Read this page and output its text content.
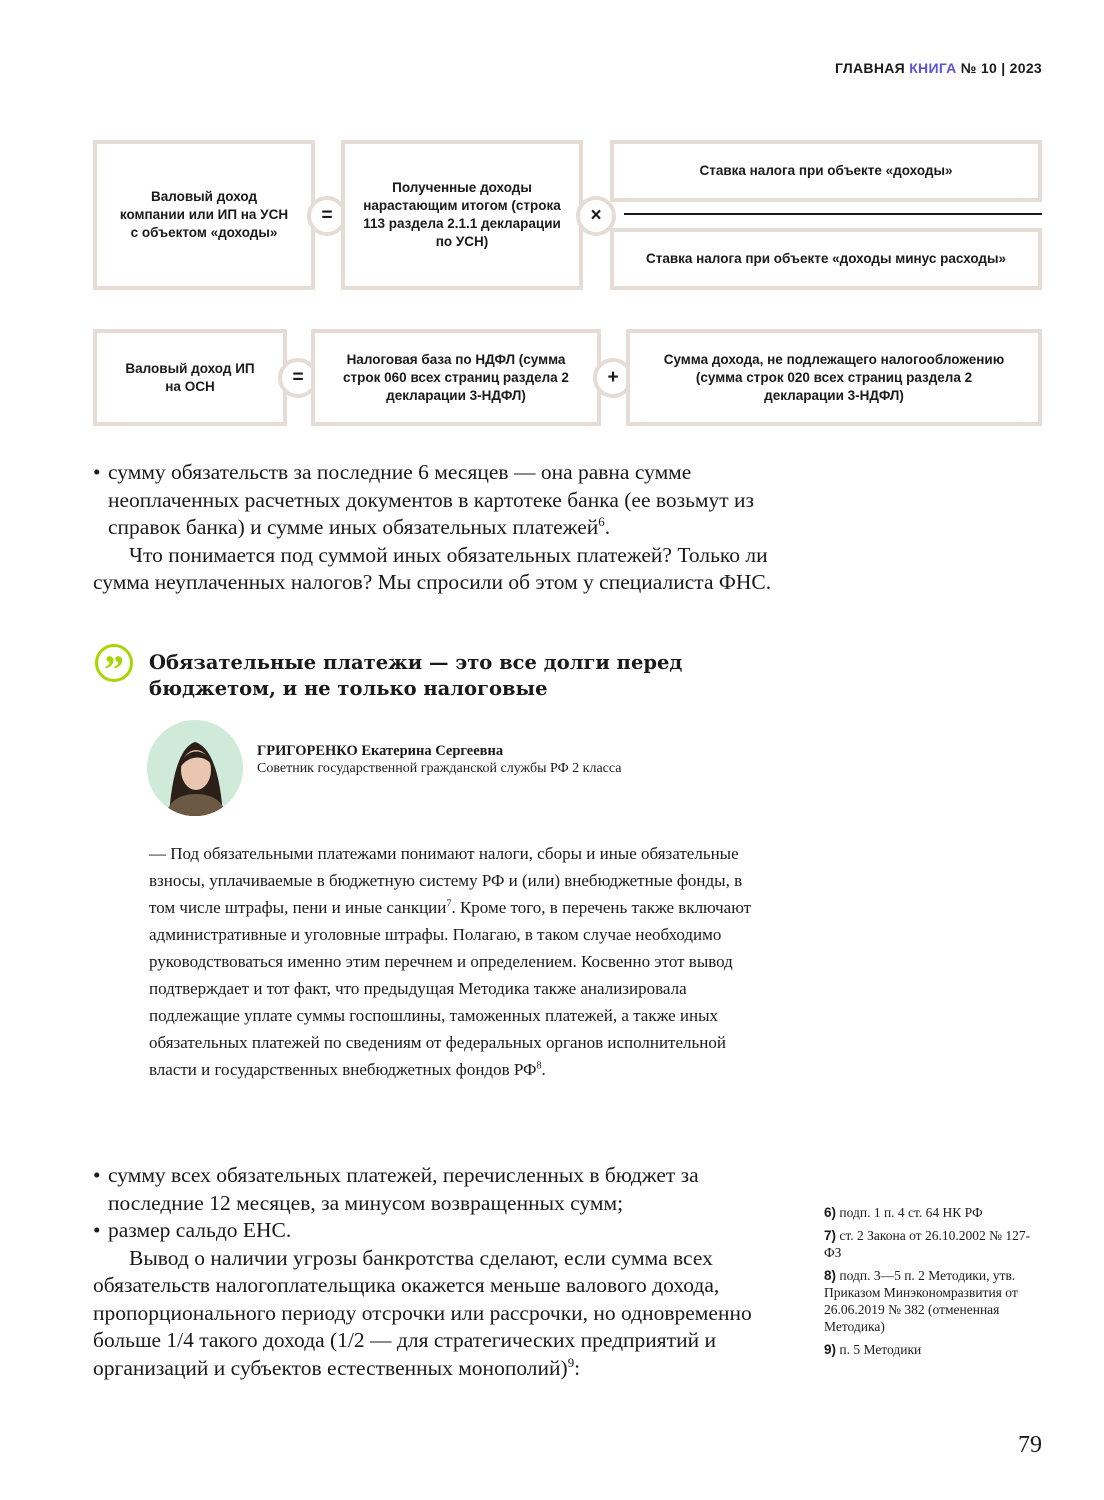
ГЛАВНАЯ КНИГА № 10 | 2023
Валовый доход компании или ИП на УСН с объектом «доходы»
=
Полученные доходы нарастающим итогом (строка 113 раздела 2.1.1 декларации по УСН)
×
Ставка налога при объекте «доходы»
Ставка налога при объекте «доходы минус расходы»
Валовый доход ИП на ОСН	=
Налоговая база по НДФЛ (сумма строк 060 всех страниц раздела 2 декларации 3-НДФЛ)
+
Сумма дохода, не подлежащего налогообложению (сумма строк 020 всех страниц раздела 2 декларации 3-НДФЛ)
• сумму обязательств за последние 6 месяцев — она равна сумме неоплаченных расчетных документов в картотеке банка (ее возьмут из справок банка) и сумме иных обязательных платежей$^6$.

Что понимается под суммой иных обязательных платежей? Только ли сумма неуплаченных налогов? Мы спросили об этом у специалиста ФНС.

”	Обязательные платежи — это все долги перед бюджетом, и не только налоговые
ГРИГОРЕНКО Екатерина Сергеевна
Советник государственной гражданской службы РФ 2 класса
— Под обязательными платежами понимают налоги, сборы и иные обязательные взносы, уплачиваемые в бюджетную систему РФ и (или) внебюджетные фонды, в том числе штрафы, пени и иные санкции$^7$. Кроме того, в перечень также включают административные и уголовные штрафы. Полагаю, в таком случае необходимо руководствоваться именно этим перечнем и определением. Косвенно этот вывод подтверждает и тот факт, что предыдущая Методика также анализировала подлежащие уплате суммы госпошлины, таможенных платежей, а также иных обязательных платежей по сведениям от федеральных органов исполнительной власти и государственных внебюджетных фондов $РФ^8$.
• сумму всех обязательных платежей, перечисленных в бюджет за последние 12 месяцев, за минусом возвращенных сумм;
• размер сальдо ЕНС.

Вывод о наличии угрозы банкротства сделают, если сумма всех обязательств налогоплательщика окажется меньше валового дохода, пропорционального периоду отсрочки или рассрочки, но одновременно больше 1/4 такого дохода (1/2 — для стратегических предприятий и организаций и субъектов естественных монополий)$^9$:

6) подп. 1 п. 4 ст. 64 НК РФ
7) ст. 2 Закона от 26.10.2002 № 127-ФЗ
8) подп. 3—5 п. 2 Методики, утв. Приказом Минэкономразвития от 26.06.2019 № 382 (отмененная Методика)
9) п. 5 Методики
79
